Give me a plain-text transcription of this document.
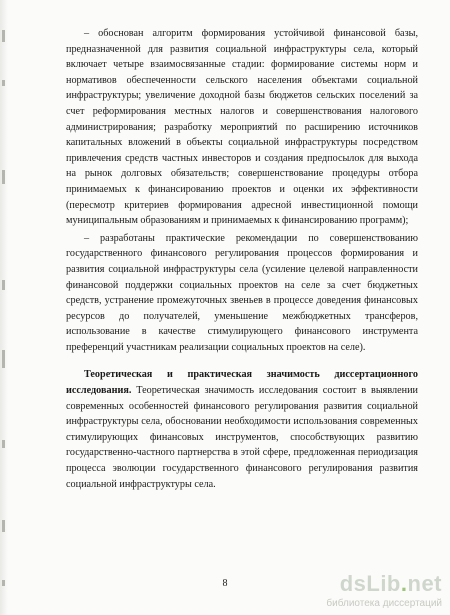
– обоснован алгоритм формирования устойчивой финансовой базы, предназначенной для развития социальной инфраструктуры села, который включает четыре взаимосвязанные стадии: формирование системы норм и нормативов обеспеченности сельского населения объектами социальной инфраструктуры; увеличение доходной базы бюджетов сельских поселений за счет реформирования местных налогов и совершенствования налогового администрирования; разработку мероприятий по расширению источников капитальных вложений в объекты социальной инфраструктуры посредством привлечения средств частных инвесторов и создания предпосылок для выхода на рынок долговых обязательств; совершенствование процедуры отбора принимаемых к финансированию проектов и оценки их эффективности (пересмотр критериев формирования адресной инвестиционной помощи муниципальным образованиям и принимаемых к финансированию программ);

– разработаны практические рекомендации по совершенствованию государственного финансового регулирования процессов формирования и развития социальной инфраструктуры села (усиление целевой направленности финансовой поддержки социальных проектов на селе за счет бюджетных средств, устранение промежуточных звеньев в процессе доведения финансовых ресурсов до получателей, уменьшение межбюджетных трансферов, использование в качестве стимулирующего финансового инструмента преференций участникам реализации социальных проектов на селе).

Теоретическая и практическая значимость диссертационного исследования. Теоретическая значимость исследования состоит в выявлении современных особенностей финансового регулирования развития социальной инфраструктуры села, обосновании необходимости использования современных стимулирующих финансовых инструментов, способствующих развитию государственно-частного партнерства в этой сфере, предложенная периодизация процесса эволюции государственного финансового регулирования развития социальной инфраструктуры села.

8	dsLib.net
библиотека диссертаций
